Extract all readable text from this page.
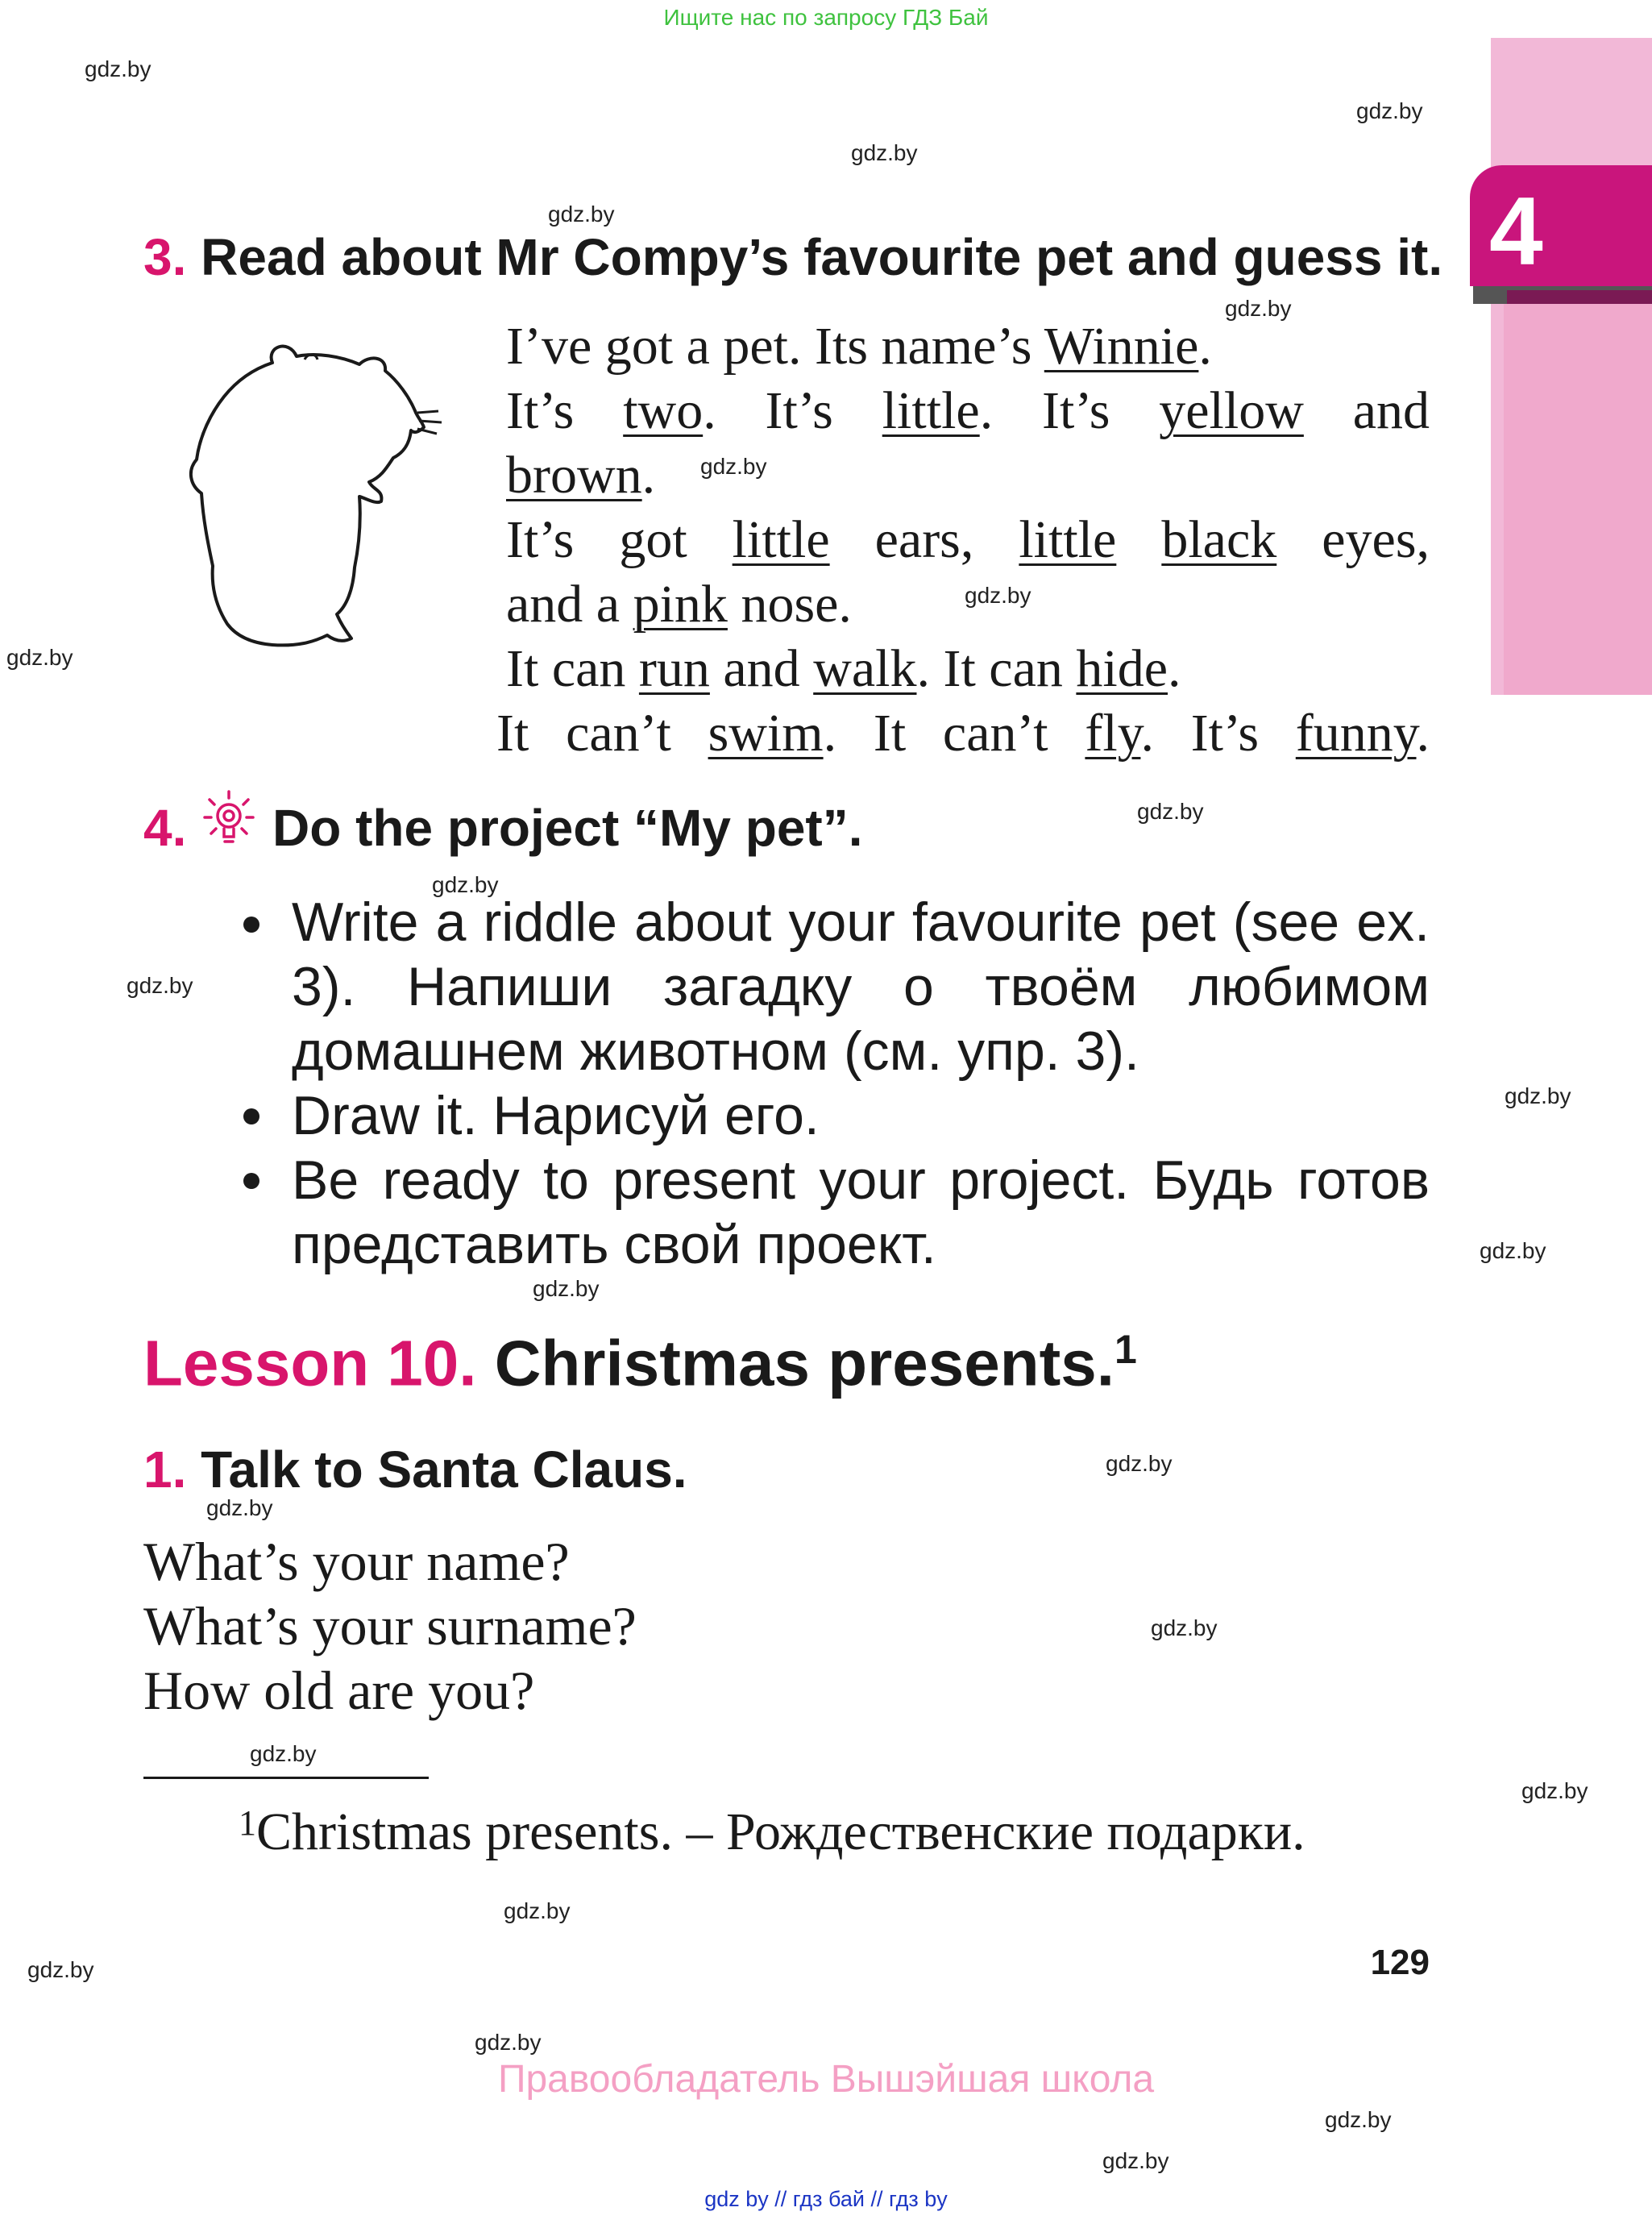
Ищите нас по запросу ГДЗ Бай
4
gdz.by
gdz.by
gdz.by
gdz.by
gdz.by
gdz.by
gdz.by
gdz.by
gdz.by
gdz.by
gdz.by
gdz.by
gdz.by
gdz.by
gdz.by
gdz.by
gdz.by
gdz.by
gdz.by
gdz.by
gdz.by
gdz.by
gdz.by
gdz.by
3. Read about Mr Compy’s favourite pet and guess it.
I’ve got a pet. Its name’s Winnie.
It’s two. It’s little. It’s yellow and
brown.
It’s got little ears, little black eyes,
and a pink nose.
It can run and walk. It can hide.
It can’t swim. It can’t fly. It’s funny.
4. Do the project “My pet”.
Write a riddle about your favourite pet (see ex. 3). Напиши загадку о твоём любимом домашнем животном (см. упр. 3).
Draw it. Нарисуй его.
Be ready to present your project. Будь готов представить свой проект.
Lesson 10. Christmas presents.$^1$
1. Talk to Santa Claus.
What’s your name?
What’s your surname?
How old are you?
$^1$Christmas presents. – Рождественские подарки.
129
Правообладатель Вышэйшая школа
gdz by // гдз бай // гдз by
